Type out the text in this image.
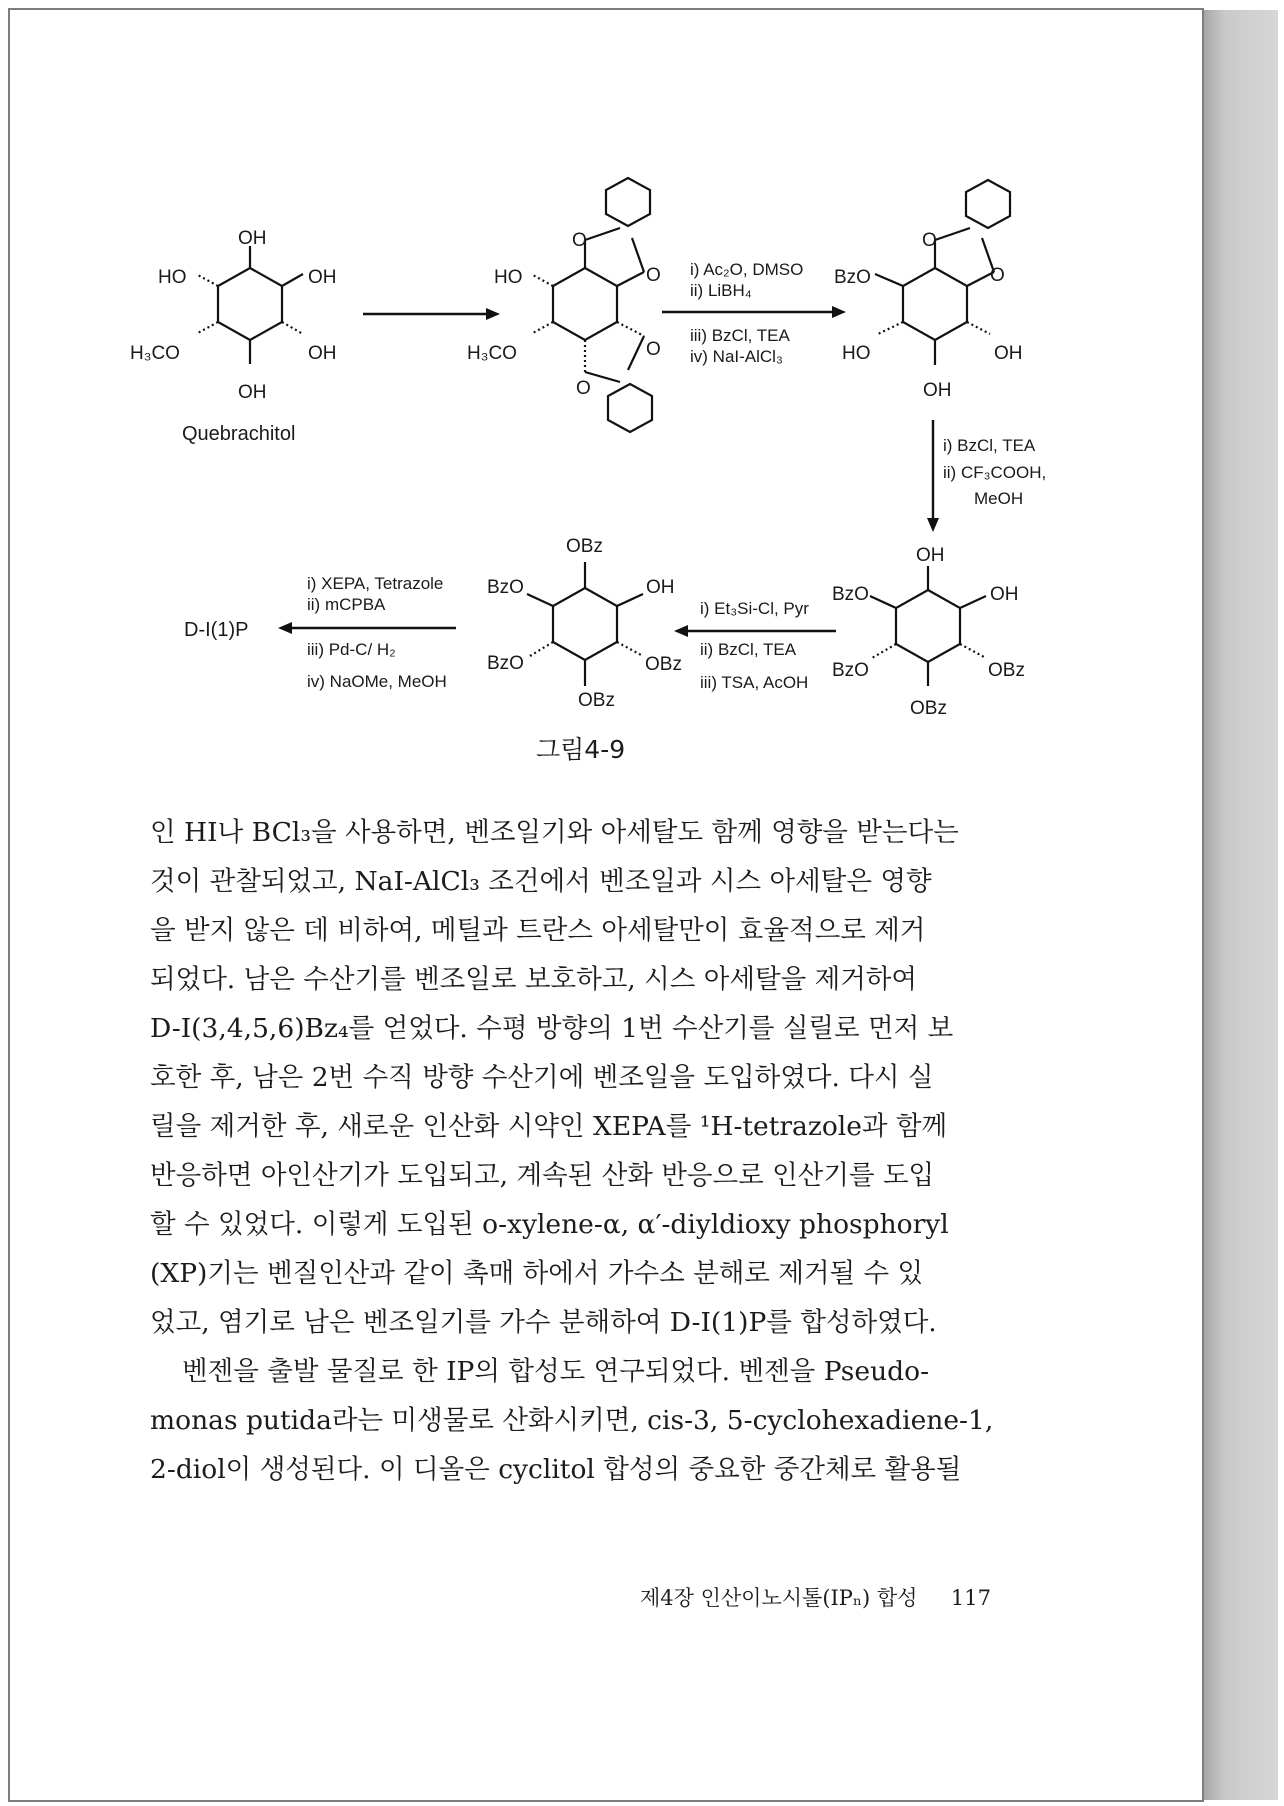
OH
HO	OH
H₃CO	OH
OH
Quebrachitol
O
O
HO
H₃CO	O
O
i) Ac₂O, DMSO
ii) LiBH₄
iii) BzCl, TEA
iv) NaI-AlCl₃
O
O
BzO
HO	OH
OH
i) BzCl, TEA
ii) CF₃COOH,
MeOH
OH
BzO	OH
BzO	OBz
OBz
i) Et₃Si-Cl, Pyr
ii) BzCl, TEA
iii) TSA, AcOH
OBz
BzO	OH
BzO	OBz
OBz
i) XEPA, Tetrazole
ii) mCPBA
iii) Pd-C/ H₂
iv) NaOMe, MeOH
D-I(1)P
그림4-9
인 HI나 BCl₃을 사용하면, 벤조일기와 아세탈도 함께 영향을 받는다는
것이 관찰되었고, NaI-AlCl₃ 조건에서 벤조일과 시스 아세탈은 영향
을 받지 않은 데 비하여, 메틸과 트란스 아세탈만이 효율적으로 제거
되었다. 남은 수산기를 벤조일로 보호하고, 시스 아세탈을 제거하여
D-I(3,4,5,6)Bz₄를 얻었다. 수평 방향의 1번 수산기를 실릴로 먼저 보
호한 후, 남은 2번 수직 방향 수산기에 벤조일을 도입하였다. 다시 실
릴을 제거한 후, 새로운 인산화 시약인 XEPA를 ¹H-tetrazole과 함께
반응하면 아인산기가 도입되고, 계속된 산화 반응으로 인산기를 도입
할 수 있었다. 이렇게 도입된 o-xylene-α, α′-diyldioxy phosphoryl
(XP)기는 벤질인산과 같이 촉매 하에서 가수소 분해로 제거될 수 있
었고, 염기로 남은 벤조일기를 가수 분해하여 D-I(1)P를 합성하였다.
벤젠을 출발 물질로 한 IP의 합성도 연구되었다. 벤젠을 Pseudo-
monas putida라는 미생물로 산화시키면, cis-3, 5-cyclohexadiene-1,
2-diol이 생성된다. 이 디올은 cyclitol 합성의 중요한 중간체로 활용될
제4장 인산이노시톨(IPₙ) 합성 117
